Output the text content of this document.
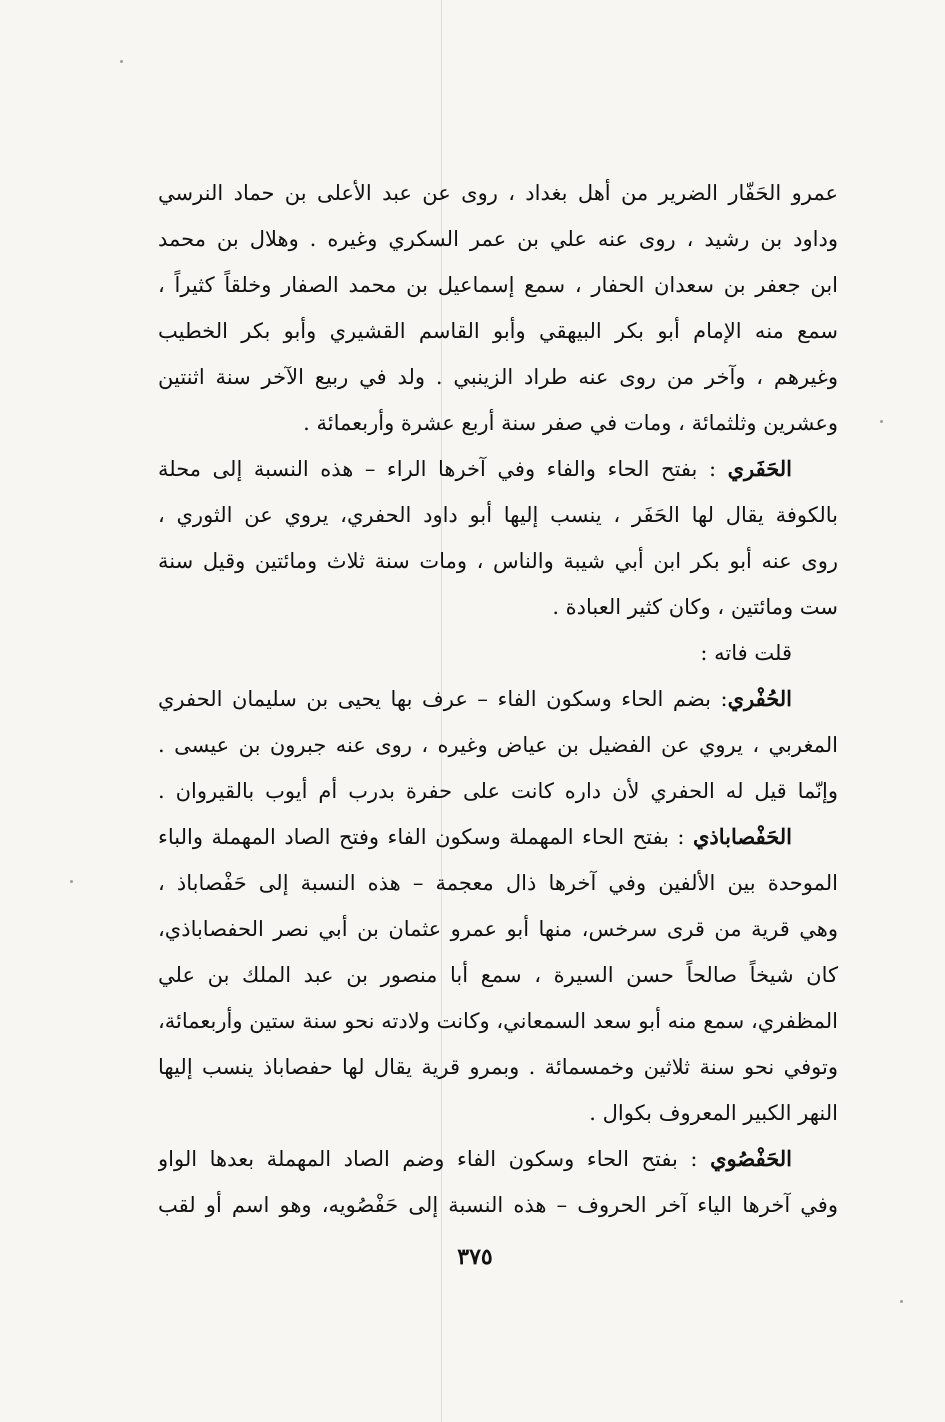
عمرو الحَفّار الضرير من أهل بغداد ، روى عن عبد الأعلى بن حماد النرسي
وداود بن رشيد ، روى عنه علي بن عمر السكري وغيره . وهلال بن محمد
ابن جعفر بن سعدان الحفار ، سمع إسماعيل بن محمد الصفار وخلقاً كثيراً ،
سمع منه الإمام أبو بكر البيهقي وأبو القاسم القشيري وأبو بكر الخطيب
وغيرهم ، وآخر من روى عنه طراد الزينبي . ولد في ربيع الآخر سنة اثنتين
وعشرين وثلثمائة ، ومات في صفر سنة أربع عشرة وأربعمائة .
الحَفَري : بفتح الحاء والفاء وفي آخرها الراء – هذه النسبة إلى محلة
بالكوفة يقال لها الحَفَر ، ينسب إليها أبو داود الحفري، يروي عن الثوري ،
روى عنه أبو بكر ابن أبي شيبة والناس ، ومات سنة ثلاث ومائتين وقيل سنة
ست ومائتين ، وكان كثير العبادة .
قلت فاته :
الحُفْري: بضم الحاء وسكون الفاء – عرف بها يحيى بن سليمان الحفري
المغربي ، يروي عن الفضيل بن عياض وغيره ، روى عنه جبرون بن عيسى .
وإنّما قيل له الحفري لأن داره كانت على حفرة بدرب أم أيوب بالقيروان .
الحَفْصاباذي : بفتح الحاء المهملة وسكون الفاء وفتح الصاد المهملة والباء
الموحدة بين الألفين وفي آخرها ذال معجمة – هذه النسبة إلى حَفْصاباذ ،
وهي قرية من قرى سرخس، منها أبو عمرو عثمان بن أبي نصر الحفصاباذي،
كان شيخاً صالحاً حسن السيرة ، سمع أبا منصور بن عبد الملك بن علي
المظفري، سمع منه أبو سعد السمعاني، وكانت ولادته نحو سنة ستين وأربعمائة،
وتوفي نحو سنة ثلاثين وخمسمائة . وبمرو قرية يقال لها حفصاباذ ينسب إليها
النهر الكبير المعروف بكوال .
الحَفْصُوي : بفتح الحاء وسكون الفاء وضم الصاد المهملة بعدها الواو
وفي آخرها الياء آخر الحروف – هذه النسبة إلى حَفْصُويه، وهو اسم أو لقب
٣٧٥
